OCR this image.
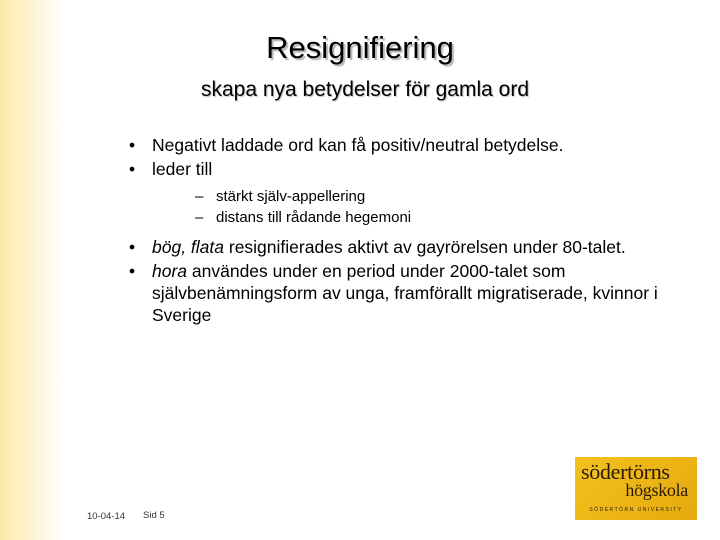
Resignifiering
skapa nya betydelser för gamla ord
• Negativt laddade ord kan få positiv/neutral betydelse.
• leder till
– stärkt själv-appellering
– distans till rådande hegemoni
• bög, flata resignifierades aktivt av gayrörelsen under 80-talet.
• hora användes under en period under 2000-talet som självbenämningsform av unga, framförallt migratiserade, kvinnor i Sverige
10-04-14 Sid 5
södertörns
högskola
SÖDERTÖRN UNIVERSITY
